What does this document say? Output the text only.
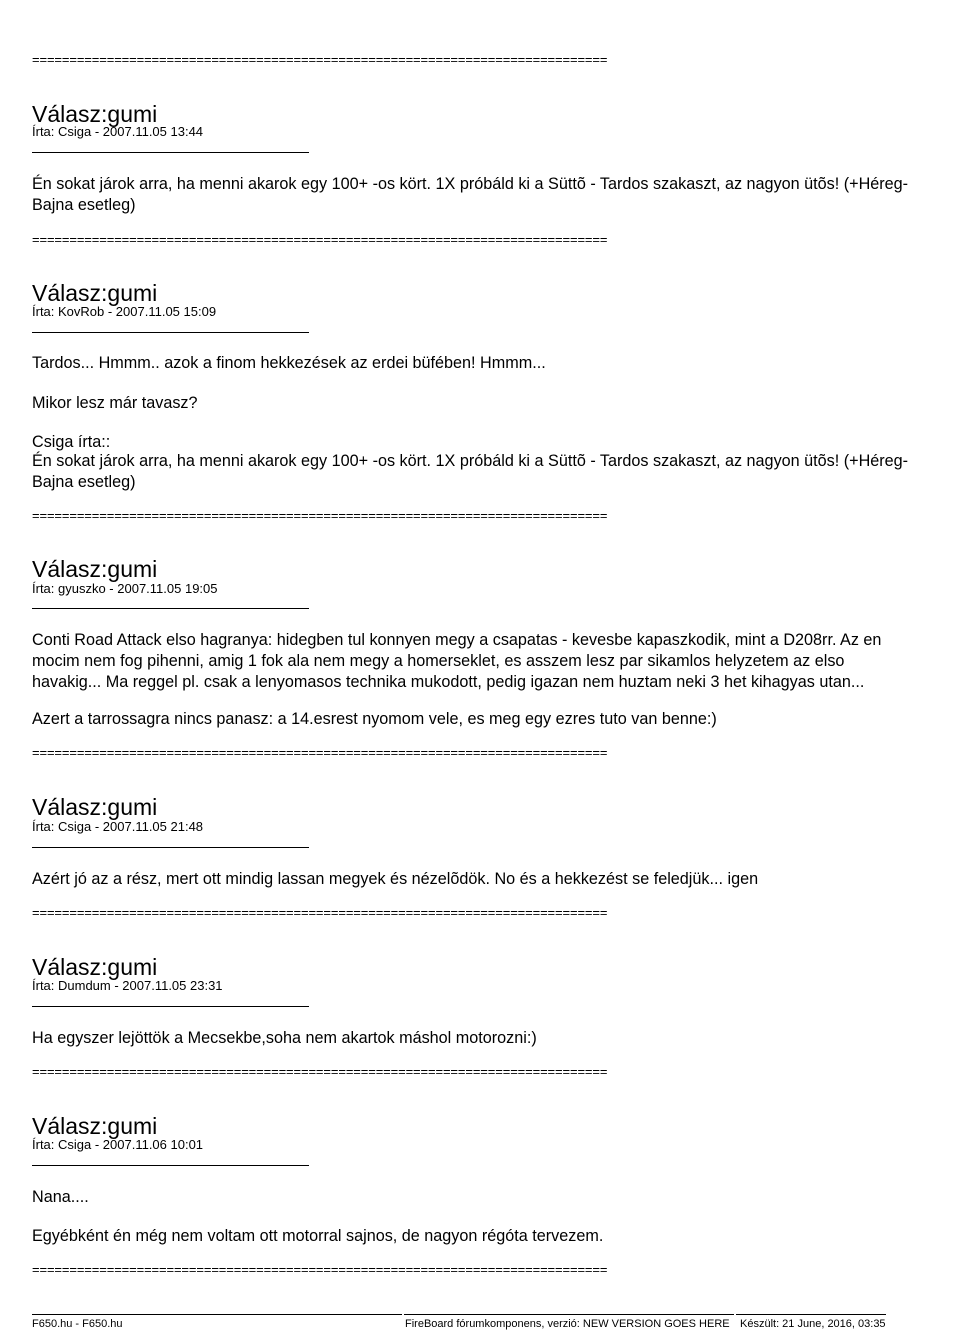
=============================================================================
=============================================================================
=============================================================================
=============================================================================
=============================================================================
=============================================================================
=============================================================================
Válasz:gumi
Írta: Csiga - 2007.11.05 13:44
Én sokat járok arra, ha menni akarok egy 100+ -os kört. 1X próbáld ki a Süttõ - Tardos szakaszt, az nagyon ütõs! (+Héreg-
Bajna esetleg)
Válasz:gumi
Írta: KovRob - 2007.11.05 15:09
Tardos... Hmmm.. azok a finom hekkezések az erdei büfében! Hmmm...
Mikor lesz már tavasz?
Csiga írta::
Én sokat járok arra, ha menni akarok egy 100+ -os kört. 1X próbáld ki a Süttõ - Tardos szakaszt, az nagyon ütõs! (+Héreg-
Bajna esetleg)
Válasz:gumi
Írta: gyuszko - 2007.11.05 19:05
Conti Road Attack elso hagranya: hidegben tul konnyen megy a csapatas - kevesbe kapaszkodik, mint a D208rr. Az en
mocim nem fog pihenni, amig 1 fok ala nem megy a homerseklet, es asszem lesz par sikamlos helyzetem az elso
havakig... Ma reggel pl. csak a lenyomasos technika mukodott, pedig igazan nem huztam neki 3 het kihagyas utan...
Azert a tarrossagra nincs panasz: a 14.esrest nyomom vele, es meg egy ezres tuto van benne:)
Válasz:gumi
Írta: Csiga - 2007.11.05 21:48
Azért jó az a rész, mert ott mindig lassan megyek és nézelõdök. No és a hekkezést se feledjük... igen
Válasz:gumi
Írta: Dumdum - 2007.11.05 23:31
Ha egyszer lejöttök a Mecsekbe,soha nem akartok máshol motorozni:)
Válasz:gumi
Írta: Csiga - 2007.11.06 10:01
Nana....
Egyébként én még nem voltam ott motorral sajnos, de nagyon régóta tervezem.
F650.hu - F650.hu	FireBoard fórumkomponens, verzió: NEW VERSION GOES HERE Készült: 21 June, 2016, 03:35
